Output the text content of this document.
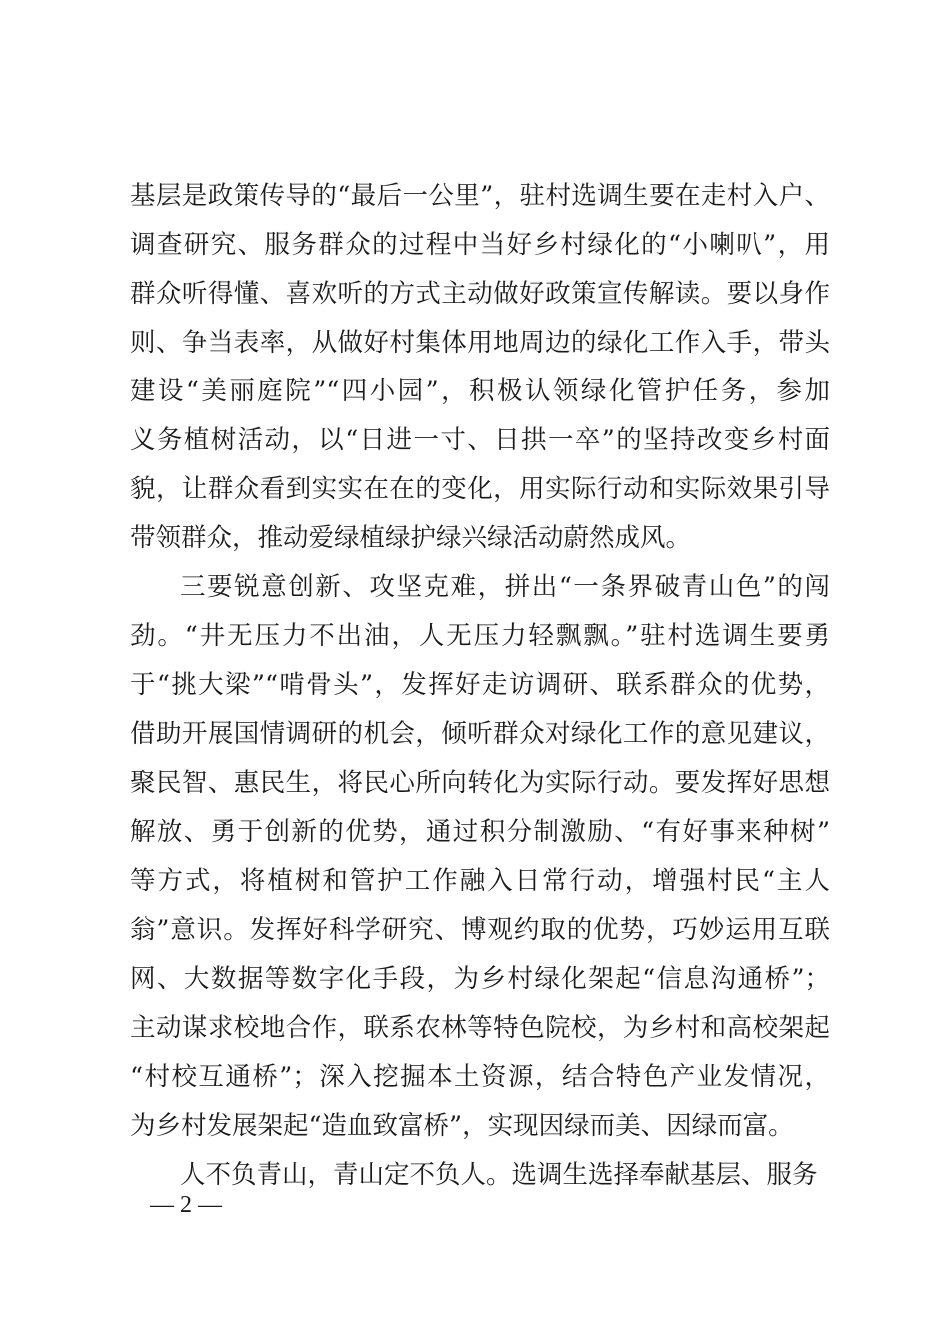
基层是政策传导的“最后一公里”，驻村选调生要在走村入户、
调查研究、服务群众的过程中当好乡村绿化的“小喇叭”，用
群众听得懂、喜欢听的方式主动做好政策宣传解读。要以身作
则、争当表率，从做好村集体用地周边的绿化工作入手，带头
建设“美丽庭院”“四小园”，积极认领绿化管护任务，参加
义务植树活动，以“日进一寸、日拱一卒”的坚持改变乡村面
貌，让群众看到实实在在的变化，用实际行动和实际效果引导
带领群众，推动爱绿植绿护绿兴绿活动蔚然成风。
三要锐意创新、攻坚克难，拼出“一条界破青山色”的闯
劲。“井无压力不出油，人无压力轻飘飘。”驻村选调生要勇
于“挑大梁”“啃骨头”，发挥好走访调研、联系群众的优势，
借助开展国情调研的机会，倾听群众对绿化工作的意见建议，
聚民智、惠民生，将民心所向转化为实际行动。要发挥好思想
解放、勇于创新的优势，通过积分制激励、“有好事来种树”
等方式，将植树和管护工作融入日常行动，增强村民“主人
翁”意识。发挥好科学研究、博观约取的优势，巧妙运用互联
网、大数据等数字化手段，为乡村绿化架起“信息沟通桥”；
主动谋求校地合作，联系农林等特色院校，为乡村和高校架起
“村校互通桥”；深入挖掘本土资源，结合特色产业发情况，
为乡村发展架起“造血致富桥”，实现因绿而美、因绿而富。
人不负青山，青山定不负人。选调生选择奉献基层、服务
— 2 —
